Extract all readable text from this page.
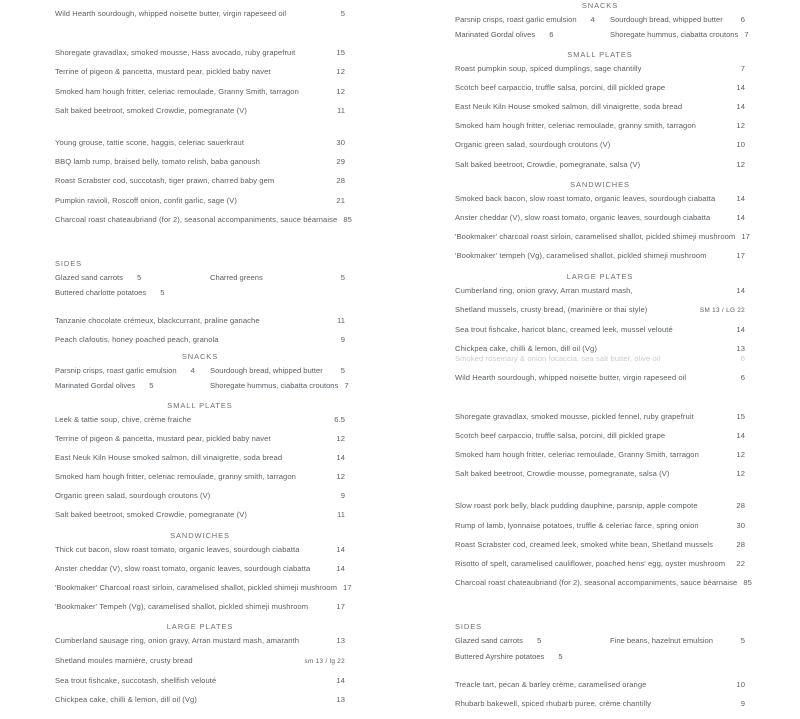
Wild Hearth sourdough, whipped noisette butter, virgin rapeseed oil	5
Shoregate gravadlax, smoked mousse, Hass avocado, ruby grapefruit	15
Terrine of pigeon & pancetta, mustard pear, pickled baby navet	12
Smoked ham hough fritter, celeriac remoulade, Granny Smith, tarragon	12
Salt baked beetroot, smoked Crowdie, pomegranate (V)	11
Young grouse, tattie scone, haggis, celeriac sauerkraut	30
BBQ lamb rump, braised belly, tomato relish, baba ganoush	29
Roast Scrabster cod, succotash, tiger prawn, charred baby gem	28
Pumpkin ravioli, Roscoff onion, confit garlic, sage (V)	21
Charcoal roast chateaubriand (for 2), seasonal accompaniments, sauce béarnaise 85
SIDES
Glazed sand carrots	5	Charred greens	5
Buttered charlotte potatoes	5
Tanzanie chocolate crémeux, blackcurrant, praline ganache	11
Peach clafoutis, honey poached peach, granola	9
SNACKS
Parsnip crisps, roast garlic emulsion	4 Sourdough bread, whipped butter	5
Marinated Gordal olives	5	Shoregate hummus, ciabatta croutons 7
SMALL PLATES
Leek & tattie soup, chive, crème fraiche	6.5
Terrine of pigeon & pancetta, mustard pear, pickled baby navet	12
East Neuk Kiln House smoked salmon, dill vinaigrette, soda bread	14
Smoked ham hough fritter, celeriac remoulade, granny smith, tarragon	12
Organic green salad, sourdough croutons (V)	9
Salt baked beetroot, smoked Crowdie, pomegranate (V)	11
SANDWICHES
Thick cut bacon, slow roast tomato, organic leaves, sourdough ciabatta	14
Anster cheddar (V), slow roast tomato, organic leaves, sourdough ciabatta	14
'Bookmaker' Charcoal roast sirloin, caramelised shallot, pickled shimeji mushroom 17
'Bookmaker' Tempeh (Vg), caramelised shallot, pickled shimeji mushroom	17
LARGE PLATES
Cumberland sausage ring, onion gravy, Arran mustard mash, amaranth	13
Shetland moules marnière, crusty bread	sm 13 / lg 22
Sea trout fishcake, succotash, shellfish velouté	14
Chickpea cake, chilli & lemon, dill oil (Vg)	13
SNACKS
Parsnip crisps, roast garlic emulsion	4 Sourdough bread, whipped butter	6
Marinated Gordal olives	6	Shoregate hummus, ciabatta croutons 7
SMALL PLATES
Roast pumpkin soup, spiced dumplings, sage chantilly	7
Scotch beef carpaccio, truffle salsa, porcini, dill pickled grape	14
East Neuk Kiln House smoked salmon, dill vinaigrette, soda bread	14
Smoked ham hough fritter, celeriac remoulade, granny smith, tarragon	12
Organic green salad, sourdough croutons (V)	10
Salt baked beetroot, Crowdie, pomegranate, salsa (V)	12
SANDWICHES
Smoked back bacon, slow roast tomato, organic leaves, sourdough ciabatta	14
Anster cheddar (V), slow roast tomato, organic leaves, sourdough ciabatta	14
'Bookmaker' charcoal roast sirloin, caramelised shallot, pickled shimeji mushroom 17
'Bookmaker' tempeh (Vg), caramelised shallot, pickled shimeji mushroom	17
LARGE PLATES
Cumberland ring, onion gravy, Arran mustard mash,	14
Shetland mussels, crusty bread, (marinière or thai style)	SM 13 / LG 22
Sea trout fishcake, haricot blanc, creamed leek, mussel velouté	14
Chickpea cake, chilli & lemon, dill oil (Vg)	13
Smoked rosemary & onion focaccia, sea salt butter, olive oil	6
Wild Hearth sourdough, whipped noisette butter, virgin rapeseed oil	6
Shoregate gravadlax, smoked mousse, pickled fennel, ruby grapefruit	15
Scotch beef carpaccio, truffle salsa, porcini, dill pickled grape	14
Smoked ham hough fritter, celeriac remoulade, Granny Smith, tarragon	12
Salt baked beetroot, Crowdie mousse, pomegranate, salsa (V)	12
Slow roast pork belly, black pudding dauphine, parsnip, apple compote	28
Rump of lamb, lyonnaise potatoes, truffle & celeriac farce, spring onion	30
Roast Scrabster cod, creamed leek, smoked white bean, Shetland mussels	28
Risotto of spelt, caramelised cauliflower, poached hens' egg, oyster mushroom	22
Charcoal roast chateaubriand (for 2), seasonal accompaniments, sauce béarnaise 85
SIDES
Glazed sand carrots	5	Fine beans, hazelnut emulsion	5
Buttered Ayrshire potatoes	5
Treacle tart, pecan & barley crème, caramelised orange	10
Rhubarb bakewell, spiced rhubarb puree, crème chantilly	9
